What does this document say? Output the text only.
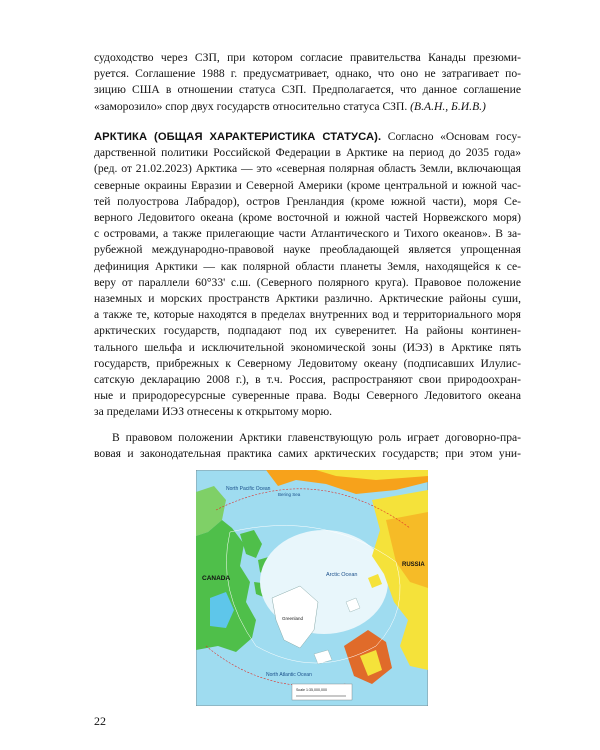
судоходство через СЗП, при котором согласие правительства Канады презюми-
руется. Соглашение 1988 г. предусматривает, однако, что оно не затрагивает по-
зицию США в отношении статуса СЗП. Предполагается, что данное соглашение
«заморозило» спор двух государств относительно статуса СЗП. (В.А.Н., Б.И.В.)
АРКТИКА (ОБЩАЯ ХАРАКТЕРИСТИКА СТАТУСА). Согласно «Основам госу-
дарственной политики Российской Федерации в Арктике на период до 2035 года»
(ред. от 21.02.2023) Арктика — это «северная полярная область Земли, включающая
северные окраины Евразии и Северной Америки (кроме центральной и южной час-
тей полуострова Лабрадор), остров Гренландия (кроме южной части), моря Се-
верного Ледовитого океана (кроме восточной и южной частей Норвежского моря)
с островами, а также прилегающие части Атлантического и Тихого океанов». В за-
рубежной международно-правовой науке преобладающей является упрощенная
дефиниция Арктики — как полярной области планеты Земля, находящейся к се-
веру от параллели 60°33' с.ш. (Северного полярного круга). Правовое положение
наземных и морских пространств Арктики различно. Арктические районы суши,
а также те, которые находятся в пределах внутренних вод и территориального моря
арктических государств, подпадают под их суверенитет. На районы континен-
тального шельфа и исключительной экономической зоны (ИЭЗ) в Арктике пять
государств, прибрежных к Северному Ледовитому океану (подписавших Илулис-
сатскую декларацию 2008 г.), в т.ч. Россия, распространяют свои природоохран-
ные и природоресурсные суверенные права. Воды Северного Ледовитого океана
за пределами ИЭЗ отнесены к открытому морю.
В правовом положении Арктики главенствующую роль играет договорно-пра-
вовая и законодательная практика самих арктических государств; при этом уни-
North Pacific Ocean
Bering Sea
Arctic Ocean
CANADA
RUSSIA
Greenland
North Atlantic Ocean
Scale 1:35,000,000
22
